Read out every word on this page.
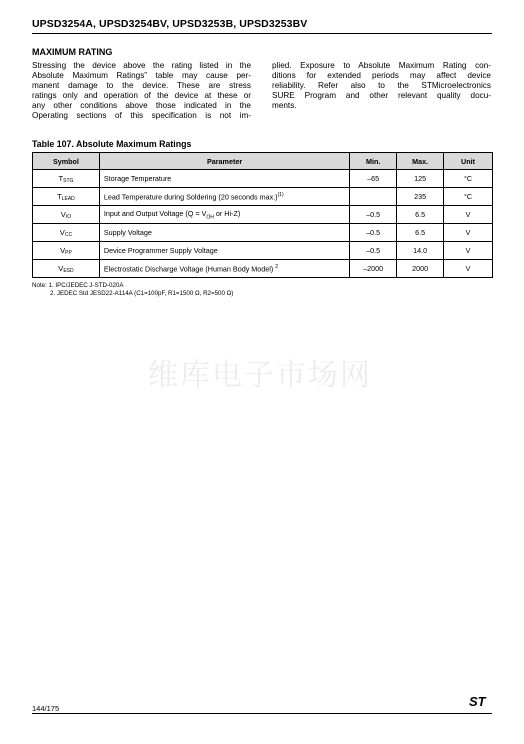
UPSD3254A, UPSD3254BV, UPSD3253B, UPSD3253BV
MAXIMUM RATING
Stressing the device above the rating listed in the
Absolute Maximum Ratings” table may cause per-
manent damage to the device. These are stress
ratings only and operation of the device at these or
any other conditions above those indicated in the
Operating sections of this specification is not im-
plied. Exposure to Absolute Maximum Rating con-
ditions for extended periods may affect device
reliability. Refer also to the STMicroelectronics
SURE Program and other relevant quality docu-
ments.
Table 107. Absolute Maximum Ratings
Symbol	Parameter	Min.	Max.	Unit
$T_{STG}$	Storage Temperature	–65	125	°C
$T_{LEAD}$	Lead Temperature during Soldering (20 seconds max.)$^{(1)}$		235	°C
$V_{IO}$	Input and Output Voltage ($Q = V_{OH}$ or Hi-Z)	–0.5	6.5	V
$V_{CC}$	Supply Voltage	–0.5	6.5	V
$V_{PP}$	Device Programmer Supply Voltage	–0.5	14.0	V
$V_{ESD}$	Electrostatic Discharge Voltage (Human Body Model) $^2$	–2000	2000	V
Note: 1. IPC/JEDEC J-STD-020A
2. JEDEC Std JESD22-A114A (C1=100pF, R1=1500 Ω, R2=500 Ω)
维库电子市场网
144/175	ST
